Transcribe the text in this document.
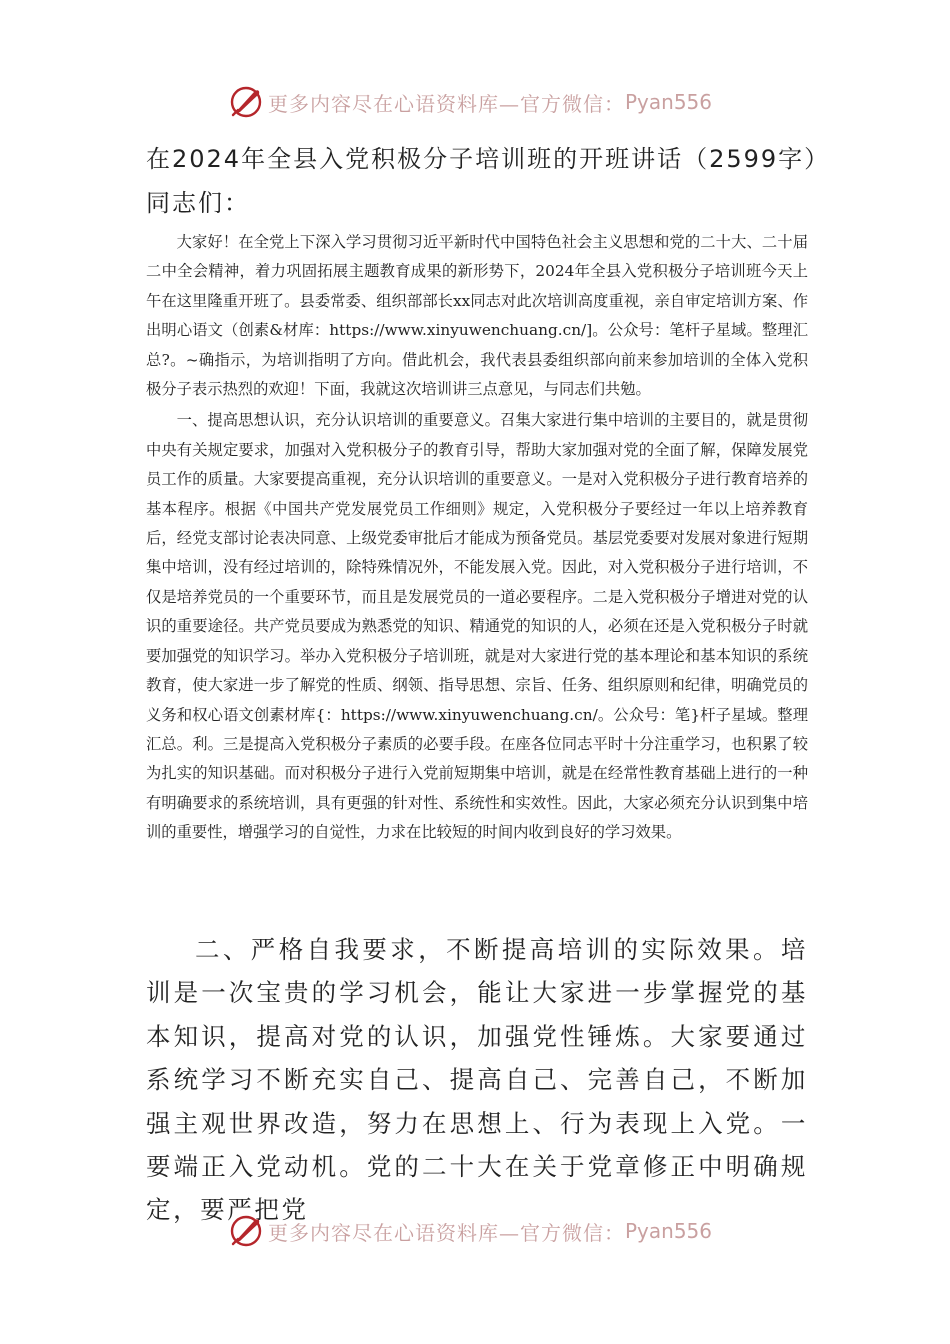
更多内容尽在心语资料库—官方微信： Pyan556
在2024年全县入党积极分子培训班的开班讲话（2599字）
同志们：

大家好！在全党上下深入学习贯彻习近平新时代中国特色社会主义思想和党的二十大、二十届二中全会精神，着力巩固拓展主题教育成果的新形势下，2024年全县入党积极分子培训班今天上午在这里隆重开班了。县委常委、组织部部长xx同志对此次培训高度重视，亲自审定培训方案、作出明心语文（创素&材库：https://www.xinyuwenchuang.cn/]。公众号：笔杆子星域。整理汇总?。~确指示，为培训指明了方向。借此机会，我代表县委组织部向前来参加培训的全体入党积极分子表示热烈的欢迎！下面，我就这次培训讲三点意见，与同志们共勉。

一、提高思想认识，充分认识培训的重要意义。召集大家进行集中培训的主要目的，就是贯彻中央有关规定要求，加强对入党积极分子的教育引导，帮助大家加强对党的全面了解，保障发展党员工作的质量。大家要提高重视，充分认识培训的重要意义。一是对入党积极分子进行教育培养的基本程序。根据《中国共产党发展党员工作细则》规定，入党积极分子要经过一年以上培养教育后，经党支部讨论表决同意、上级党委审批后才能成为预备党员。基层党委要对发展对象进行短期集中培训，没有经过培训的，除特殊情况外，不能发展入党。因此，对入党积极分子进行培训，不仅是培养党员的一个重要环节，而且是发展党员的一道必要程序。二是入党积极分子增进对党的认识的重要途径。共产党员要成为熟悉党的知识、精通党的知识的人，必须在还是入党积极分子时就要加强党的知识学习。举办入党积极分子培训班，就是对大家进行党的基本理论和基本知识的系统教育，使大家进一步了解党的性质、纲领、指导思想、宗旨、任务、组织原则和纪律，明确党员的义务和权心语文创素材库{：https://www.xinyuwenchuang.cn/。公众号：笔}杆子星域。整理汇总。利。三是提高入党积极分子素质的必要手段。在座各位同志平时十分注重学习，也积累了较为扎实的知识基础。而对积极分子进行入党前短期集中培训，就是在经常性教育基础上进行的一种有明确要求的系统培训，具有更强的针对性、系统性和实效性。因此，大家必须充分认识到集中培训的重要性，增强学习的自觉性，力求在比较短的时间内收到良好的学习效果。

二、严格自我要求，不断提高培训的实际效果。培训是一次宝贵的学习机会，能让大家进一步掌握党的基本知识，提高对党的认识，加强党性锤炼。大家要通过系统学习不断充实自己、提高自己、完善自己，不断加强主观世界改造，努力在思想上、行为表现上入党。一要端正入党动机。党的二十大在关于党章修正中明确规定，要严把党

更多内容尽在心语资料库—官方微信： Pyan556
